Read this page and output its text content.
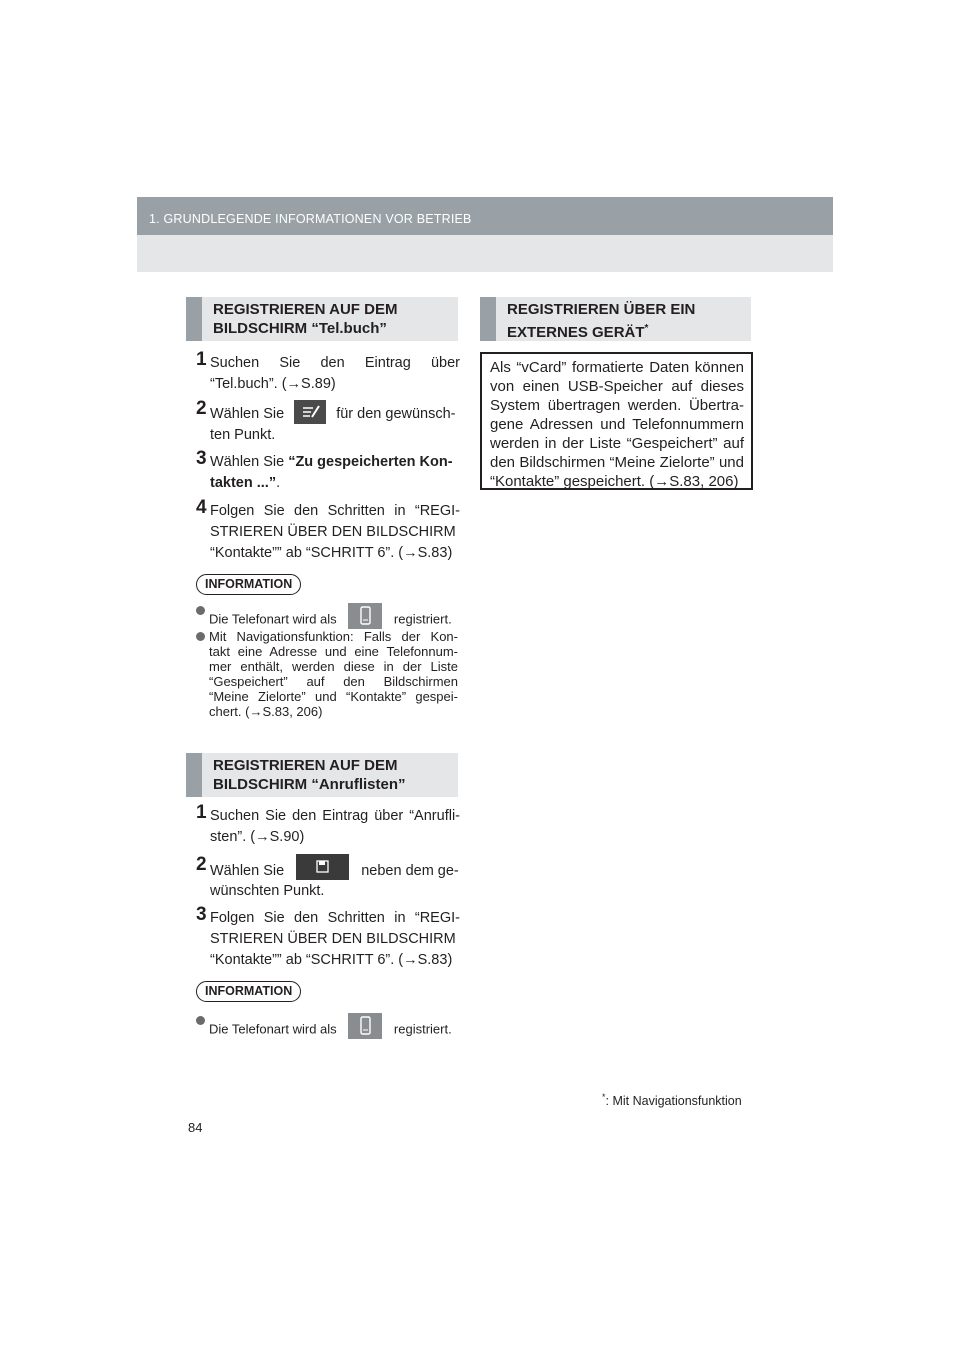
1. GRUNDLEGENDE INFORMATIONEN VOR BETRIEB
REGISTRIEREN AUF DEM
BILDSCHIRM “Tel.buch”
1 Suchen Sie den Eintrag über
“Tel.buch”. (→S.89)
2 Wählen Sie	für den gewünsch-
ten Punkt.
3 Wählen Sie “Zu gespeicherten Kon-
takten ...”.
4 Folgen Sie den Schritten in “REGI-
STRIEREN ÜBER DEN BILDSCHIRM
“Kontakte”” ab “SCHRITT 6”. (→S.83)
INFORMATION
Die Telefonart wird als	registriert.
Mit Navigationsfunktion: Falls der Kon-
takt eine Adresse und eine Telefonnum-
mer enthält, werden diese in der Liste
“Gespeichert” auf den Bildschirmen
“Meine Zielorte” und “Kontakte” gespei-
chert. (→S.83, 206)
REGISTRIEREN AUF DEM
BILDSCHIRM “Anruflisten”
1 Suchen Sie den Eintrag über “Anrufli-
sten”. (→S.90)
2 Wählen Sie	neben dem ge-
wünschten Punkt.
3 Folgen Sie den Schritten in “REGI-
STRIEREN ÜBER DEN BILDSCHIRM
“Kontakte”” ab “SCHRITT 6”. (→S.83)
INFORMATION
Die Telefonart wird als	registriert.
REGISTRIEREN ÜBER EIN
EXTERNES GERÄT*
Als “vCard” formatierte Daten können
von einen USB-Speicher auf dieses
System übertragen werden. Übertra-
gene Adressen und Telefonnummern
werden in der Liste “Gespeichert” auf
den Bildschirmen “Meine Zielorte” und
“Kontakte” gespeichert. (→S.83, 206)
*: Mit Navigationsfunktion
84
